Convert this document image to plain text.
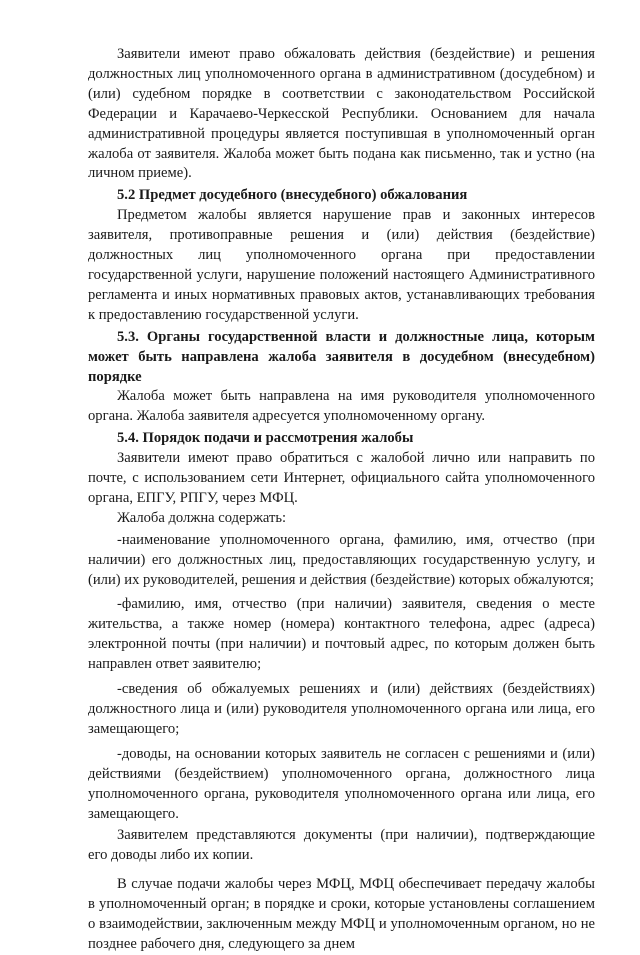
Заявители имеют право обжаловать действия (бездействие) и решения должностных лиц уполномоченного органа в административном (досудебном) и (или) судебном порядке в соответствии с законодательством Российской Федерации и Карачаево-Черкесской Республики. Основанием для начала административной процедуры является поступившая в уполномоченный орган жалоба от заявителя. Жалоба может быть подана как письменно, так и устно (на личном приеме).

5.2 Предмет досудебного (внесудебного) обжалования

Предметом жалобы является нарушение прав и законных интересов заявителя, противоправные решения и (или) действия (бездействие) должностных лиц уполномоченного органа при предоставлении государственной услуги, нарушение положений настоящего Административного регламента и иных нормативных правовых актов, устанавливающих требования к предоставлению государственной услуги.

5.3. Органы государственной власти и должностные лица, которым может быть направлена жалоба заявителя в досудебном (внесудебном) порядке

Жалоба может быть направлена на имя руководителя уполномоченного органа. Жалоба заявителя адресуется уполномоченному органу.

5.4. Порядок подачи и рассмотрения жалобы

Заявители имеют право обратиться с жалобой лично или направить по почте, с использованием сети Интернет, официального сайта уполномоченного органа, ЕПГУ, РПГУ, через МФЦ.

Жалоба должна содержать:

-наименование уполномоченного органа, фамилию, имя, отчество (при наличии) его должностных лиц, предоставляющих государственную услугу, и (или) их руководителей, решения и действия (бездействие) которых обжалуются;

-фамилию, имя, отчество (при наличии) заявителя, сведения о месте жительства, а также номер (номера) контактного телефона, адрес (адреса) электронной почты (при наличии) и почтовый адрес, по которым должен быть направлен ответ заявителю;

-сведения об обжалуемых решениях и (или) действиях (бездействиях) должностного лица и (или) руководителя уполномоченного органа или лица, его замещающего;

-доводы, на основании которых заявитель не согласен с решениями и (или) действиями (бездействием) уполномоченного органа, должностного лица уполномоченного органа, руководителя уполномоченного органа или лица, его замещающего.

Заявителем представляются документы (при наличии), подтверждающие его доводы либо их копии.

В случае подачи жалобы через МФЦ, МФЦ обеспечивает передачу жалобы в уполномоченный орган; в порядке и сроки, которые установлены соглашением о взаимодействии, заключенным между МФЦ и уполномоченным органом, но не позднее рабочего дня, следующего за днем
